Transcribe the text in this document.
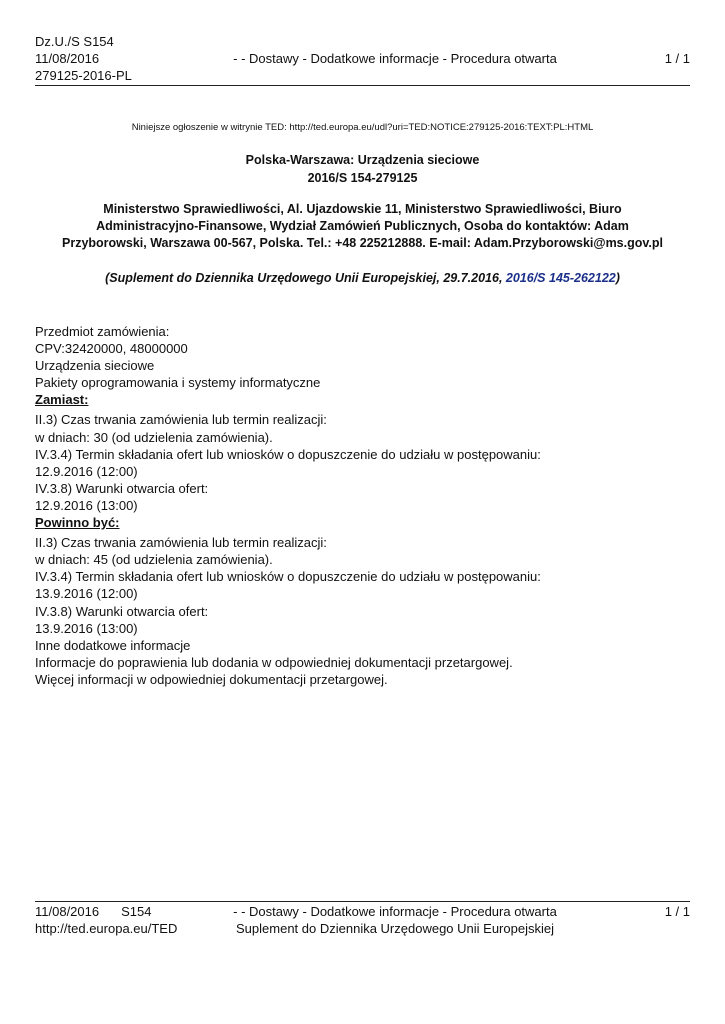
Dz.U./S S154
11/08/2016
279125-2016-PL
- - Dostawy - Dodatkowe informacje - Procedura otwarta	1 / 1
Niniejsze ogłoszenie w witrynie TED: http://ted.europa.eu/udl?uri=TED:NOTICE:279125-2016:TEXT:PL:HTML
Polska-Warszawa: Urządzenia sieciowe
2016/S 154-279125
Ministerstwo Sprawiedliwości, Al. Ujazdowskie 11, Ministerstwo Sprawiedliwości, Biuro
Administracyjno-Finansowe, Wydział Zamówień Publicznych, Osoba do kontaktów: Adam
Przyborowski, Warszawa 00-567, Polska. Tel.: +48 225212888. E-mail: Adam.Przyborowski@ms.gov.pl
(Suplement do Dziennika Urzędowego Unii Europejskiej, 29.7.2016, 2016/S 145-262122)
Przedmiot zamówienia:
CPV:32420000, 48000000
Urządzenia sieciowe
Pakiety oprogramowania i systemy informatyczne
Zamiast:
II.3) Czas trwania zamówienia lub termin realizacji:
w dniach: 30 (od udzielenia zamówienia).
IV.3.4) Termin składania ofert lub wniosków o dopuszczenie do udziału w postępowaniu:
12.9.2016 (12:00)
IV.3.8) Warunki otwarcia ofert:
12.9.2016 (13:00)
Powinno być:
II.3) Czas trwania zamówienia lub termin realizacji:
w dniach: 45 (od udzielenia zamówienia).
IV.3.4) Termin składania ofert lub wniosków o dopuszczenie do udziału w postępowaniu:
13.9.2016 (12:00)
IV.3.8) Warunki otwarcia ofert:
13.9.2016 (13:00)
Inne dodatkowe informacje
Informacje do poprawienia lub dodania w odpowiedniej dokumentacji przetargowej.
Więcej informacji w odpowiedniej dokumentacji przetargowej.
11/08/2016 S154
http://ted.europa.eu/TED
- - Dostawy - Dodatkowe informacje - Procedura otwarta
Suplement do Dziennika Urzędowego Unii Europejskiej
1 / 1
